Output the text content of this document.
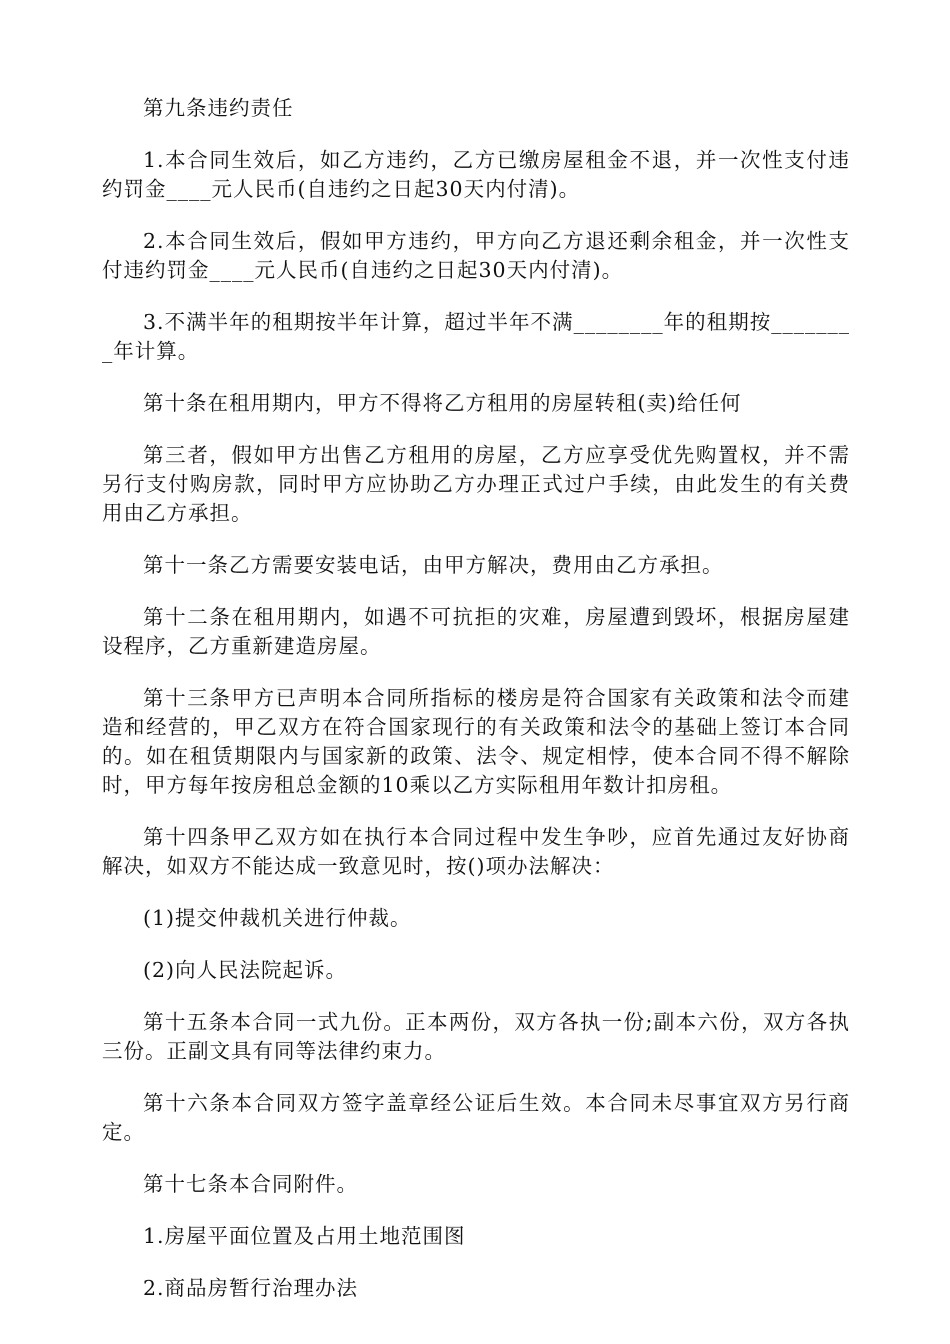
第九条违约责任

1.本合同生效后，如乙方违约，乙方已缴房屋租金不退，并一次性支付违约罚金____元人民币(自违约之日起30天内付清)。

2.本合同生效后，假如甲方违约，甲方向乙方退还剩余租金，并一次性支付违约罚金____元人民币(自违约之日起30天内付清)。

3.不满半年的租期按半年计算，超过半年不满________年的租期按________年计算。

第十条在租用期内，甲方不得将乙方租用的房屋转租(卖)给任何

第三者，假如甲方出售乙方租用的房屋，乙方应享受优先购置权，并不需另行支付购房款，同时甲方应协助乙方办理正式过户手续，由此发生的有关费用由乙方承担。

第十一条乙方需要安装电话，由甲方解决，费用由乙方承担。

第十二条在租用期内，如遇不可抗拒的灾难，房屋遭到毁坏，根据房屋建设程序，乙方重新建造房屋。

第十三条甲方已声明本合同所指标的楼房是符合国家有关政策和法令而建造和经营的，甲乙双方在符合国家现行的有关政策和法令的基础上签订本合同的。如在租赁期限内与国家新的政策、法令、规定相悖，使本合同不得不解除时，甲方每年按房租总金额的10乘以乙方实际租用年数计扣房租。

第十四条甲乙双方如在执行本合同过程中发生争吵，应首先通过友好协商解决，如双方不能达成一致意见时，按()项办法解决：

(1)提交仲裁机关进行仲裁。

(2)向人民法院起诉。

第十五条本合同一式九份。正本两份，双方各执一份;副本六份，双方各执三份。正副文具有同等法律约束力。

第十六条本合同双方签字盖章经公证后生效。本合同未尽事宜双方另行商定。

第十七条本合同附件。

1.房屋平面位置及占用土地范围图

2.商品房暂行治理办法
